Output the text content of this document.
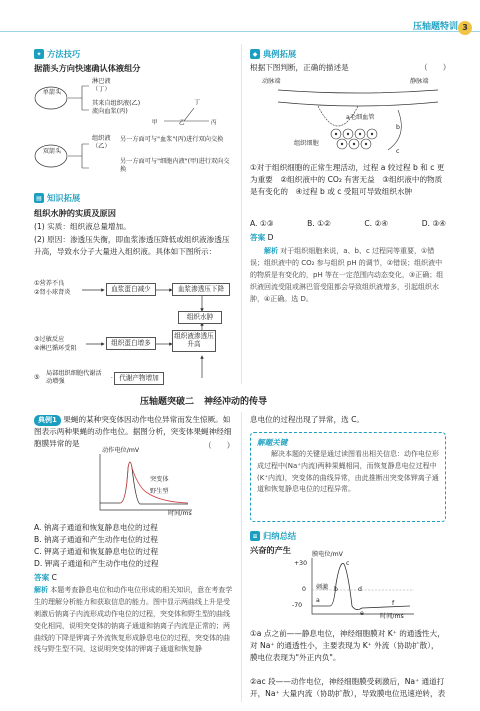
压轴题特训 3
✦ 方法技巧
据箭头方向快速确认体液组分
丁
甲	乙	丙
单箭头
双箭头
淋巴液
（丁）
其来自组织液(乙)
流向血浆(丙)
组织液
（乙）
另一方面可与"血浆"(丙)进行双向交换
另一方面可与"细胞内液"(甲)进行双向交换
▤ 知识拓展
组织水肿的实质及原因
(1) 实质：组织液总量增加。
(2) 原因：渗透压失衡，即血浆渗透压降低或组织液渗透压升高，导致水分子大量进入组织液。具体如下图所示：
①营养不良
②肾小球肾炎	血浆蛋白减少	血浆渗透压下降
组织水肿
③过敏反应
④淋巴循环受阻
组织蛋白增多
组织液渗透压升高
⑤
局部组织细胞代谢活动增强
代谢产物增加
◆ 典例拓展
根据下图判断，正确的描述是	（　　）
动脉端	静脉端
a毛细血管
组织细胞
b
c
①对于组织细胞的正常生理活动，过程 a 较过程 b 和 c 更为重要　②组织液中的 CO₂ 有害无益　③组织液中的物质是有变化的　④过程 b 或 c 受阻可导致组织水肿
A. ①③	B. ①②	C. ②④	D. ③④
答案 D
解析 对于组织细胞来说，a、b、c 过程同等重要，①错误；组织液中的 CO₂ 参与组织 pH 的调节，②错误；组织液中的物质是有变化的，pH 等在一定范围内动态变化，③正确；组织液回流受阻或淋巴管受阻都会导致组织液增多，引起组织水肿，④正确。选 D。
压轴题突破二 神经冲动的传导
典例1 果蝇的某种突变体因动作电位异常而发生惊厥。如图表示两种果蝇的动作电位。据图分析，突变体果蝇神经细胞膜异常的是	（　　）
动作电位/mV
时间/ms
突变体
野生型
A. 钠离子通道和恢复静息电位的过程
B. 钠离子通道和产生动作电位的过程
C. 钾离子通道和恢复静息电位的过程
D. 钾离子通道和产生动作电位的过程
答案 C
解析 本题考查静息电位和动作电位形成的相关知识，意在考查学生的理解分析能力和获取信息的能力。图中显示两曲线上升是受刺激后钠离子内流形成动作电位的过程，突变体和野生型的曲线变化相同，说明突变体的钠离子通道和钠离子内流是正常的；两曲线的下降是钾离子外流恢复形成静息电位的过程，突变体的曲线与野生型不同，这说明突变体的钾离子通道和恢复静
息电位的过程出现了异常，选 C。
解题关键
解决本题的关键是通过读图看出相关信息：动作电位形成过程中(Na⁺内流)两种果蝇相同，而恢复静息电位过程中(K⁺内流)，突变体的曲线异常，由此推断出突变体钾离子通道和恢复静息电位的过程异常。
≡ 归纳总结
兴奋的产生	膜电位/mV
时间/ms
+30
0
-70
a
b
c
d
e
f
刺激
①a 点之前——静息电位，神经细胞膜对 K⁺ 的通透性大，对 Na⁺ 的通透性小，主要表现为 K⁺ 外流（协助扩散），膜电位表现为"外正内负"。
②ac 段——动作电位，神经细胞膜受刺激后，Na⁺ 通道打开，Na⁺ 大量内流（协助扩散），导致膜电位迅速逆转，表
